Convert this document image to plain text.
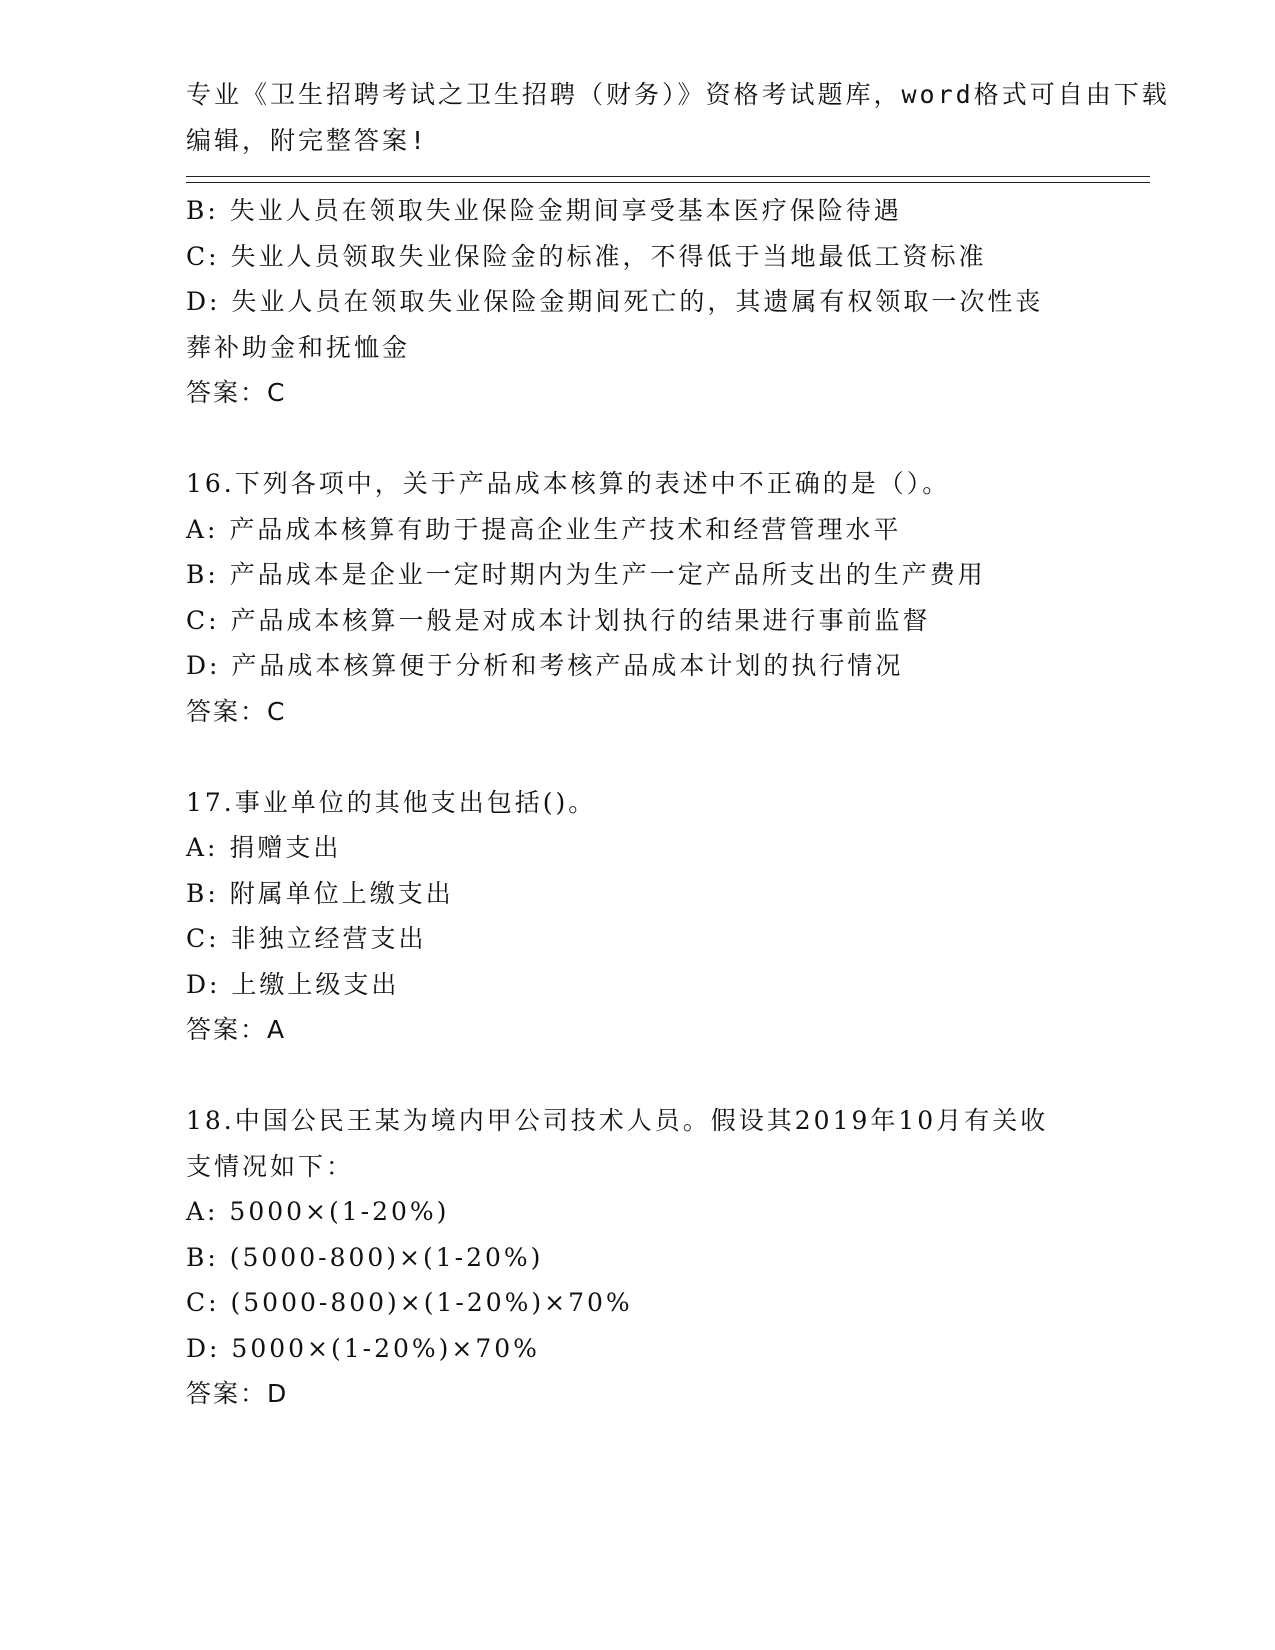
专业《卫生招聘考试之卫生招聘（财务）》资格考试题库，word格式可自由下载
编辑，附完整答案!
B: 失业人员在领取失业保险金期间享受基本医疗保险待遇
C: 失业人员领取失业保险金的标准，不得低于当地最低工资标准
D: 失业人员在领取失业保险金期间死亡的，其遗属有权领取一次性丧
葬补助金和抚恤金
答案：C
16.下列各项中，关于产品成本核算的表述中不正确的是（）。
A: 产品成本核算有助于提高企业生产技术和经营管理水平
B: 产品成本是企业一定时期内为生产一定产品所支出的生产费用
C: 产品成本核算一般是对成本计划执行的结果进行事前监督
D: 产品成本核算便于分析和考核产品成本计划的执行情况
答案：C
17.事业单位的其他支出包括()。
A: 捐赠支出
B: 附属单位上缴支出
C: 非独立经营支出
D: 上缴上级支出
答案：A
18.中国公民王某为境内甲公司技术人员。假设其2019年10月有关收
支情况如下：
A: 5000×(1-20%)
B: (5000-800)×(1-20%)
C: (5000-800)×(1-20%)×70%
D: 5000×(1-20%)×70%
答案：D
